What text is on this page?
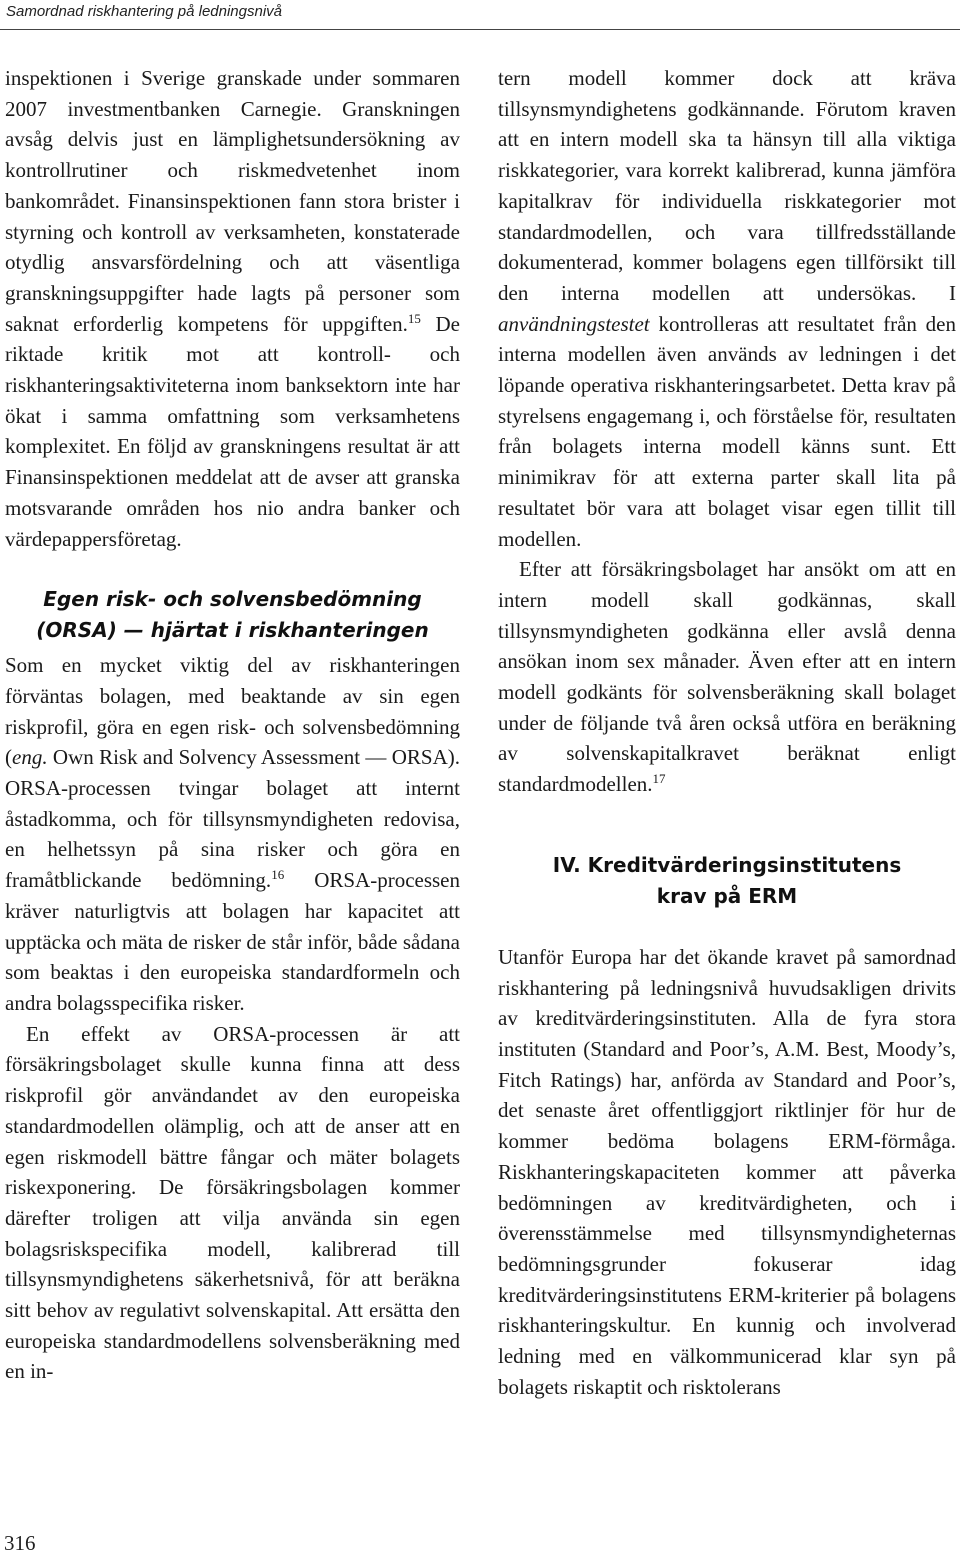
Samordnad riskhantering på ledningsnivå

inspektionen i Sverige granskade under sommaren 2007 investmentbanken Carnegie. Granskningen avsåg delvis just en lämplighetsundersökning av kontrollrutiner och riskmedvetenhet inom bankområdet. Finansinspektionen fann stora brister i styrning och kontroll av verksamheten, konstaterade otydlig ansvarsfördelning och att väsentliga granskningsuppgifter hade lagts på personer som saknat erforderlig kompetens för uppgiften.$^{15}$ De riktade kritik mot att kontroll- och riskhanteringsaktiviteterna inom banksektorn inte har ökat i samma omfattning som verksamhetens komplexitet. En följd av granskningens resultat är att Finansinspektionen meddelat att de avser att granska motsvarande områden hos nio andra banker och värdepappersföretag.

Egen risk- och solvensbedömning
(ORSA) — hjärtat i riskhanteringen

Som en mycket viktig del av riskhanteringen förväntas bolagen, med beaktande av sin egen riskprofil, göra en egen risk- och solvensbedömning (eng. Own Risk and Solvency Assessment — ORSA). ORSA-processen tvingar bolaget att internt åstadkomma, och för tillsynsmyndigheten redovisa, en helhetssyn på sina risker och göra en framåtblickande bedömning.$^{16}$ ORSA-processen kräver naturligtvis att bolagen har kapacitet att upptäcka och mäta de risker de står inför, både sådana som beaktas i den europeiska standardformeln och andra bolagsspecifika risker.

En effekt av ORSA-processen är att försäkringsbolaget skulle kunna finna att dess riskprofil gör användandet av den europeiska standardmodellen olämplig, och att de anser att en egen riskmodell bättre fångar och mäter bolagets riskexponering. De försäkringsbolagen kommer därefter troligen att vilja använda sin egen bolagsriskspecifika modell, kalibrerad till tillsynsmyndighetens säkerhetsnivå, för att beräkna sitt behov av regulativt solvenskapital. Att ersätta den europeiska standardmodellens solvensberäkning med en in-

tern modell kommer dock att kräva tillsynsmyndighetens godkännande. Förutom kraven att en intern modell ska ta hänsyn till alla viktiga riskkategorier, vara korrekt kalibrerad, kunna jämföra kapitalkrav för individuella riskkategorier mot standardmodellen, och vara tillfredsställande dokumenterad, kommer bolagens egen tillförsikt till den interna modellen att undersökas. I användningstestet kontrolleras att resultatet från den interna modellen även används av ledningen i det löpande operativa riskhanteringsarbetet. Detta krav på styrelsens engagemang i, och förståelse för, resultaten från bolagets interna modell känns sunt. Ett minimikrav för att externa parter skall lita på resultatet bör vara att bolaget visar egen tillit till modellen.

Efter att försäkringsbolaget har ansökt om att en intern modell skall godkännas, skall tillsynsmyndigheten godkänna eller avslå denna ansökan inom sex månader. Även efter att en intern modell godkänts för solvensberäkning skall bolaget under de följande två åren också utföra en beräkning av solvenskapitalkravet beräknat enligt standardmodellen.$^{17}$

IV. Kreditvärderingsinstitutens
krav på ERM

Utanför Europa har det ökande kravet på samordnad riskhantering på ledningsnivå huvudsakligen drivits av kreditvärderingsinstituten. Alla de fyra stora instituten (Standard and Poor’s, A.M. Best, Moody’s, Fitch Ratings) har, anförda av Standard and Poor’s, det senaste året offentliggjort riktlinjer för hur de kommer bedöma bolagens ERM-förmåga. Riskhanteringskapaciteten kommer att påverka bedömningen av kreditvärdigheten, och i överensstämmelse med tillsynsmyndigheternas bedömningsgrunder fokuserar idag kreditvärderingsinstitutens ERM-kriterier på bolagens riskhanteringskultur. En kunnig och involverad ledning med en välkommunicerad klar syn på bolagets riskaptit och risktolerans

316
